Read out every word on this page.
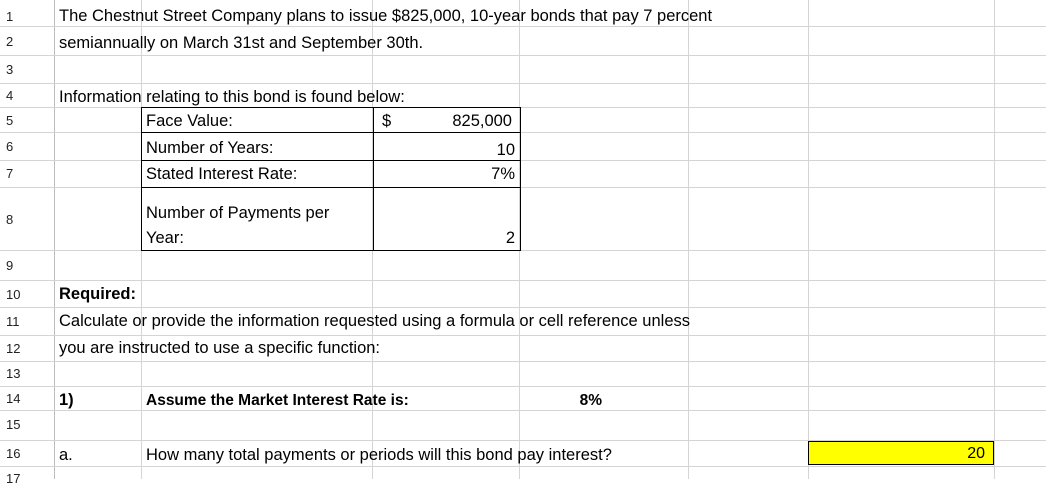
1
2
3
4
5
6
7
8
9
10
11
12
13
14
15
16
17
The Chestnut Street Company plans to issue $825,000, 10-year bonds that pay 7 percent
semiannually on March 31st and September 30th.
Information relating to this bond is found below:
Face Value:	$	825,000
Number of Years:	10
Stated Interest Rate:	7%
Number of Payments per
Year:	2
Required:
Calculate or provide the information requested using a formula or cell reference unless
you are instructed to use a specific function:
1)	Assume the Market Interest Rate is:	8%
a.	How many total payments or periods will this bond pay interest?	20
